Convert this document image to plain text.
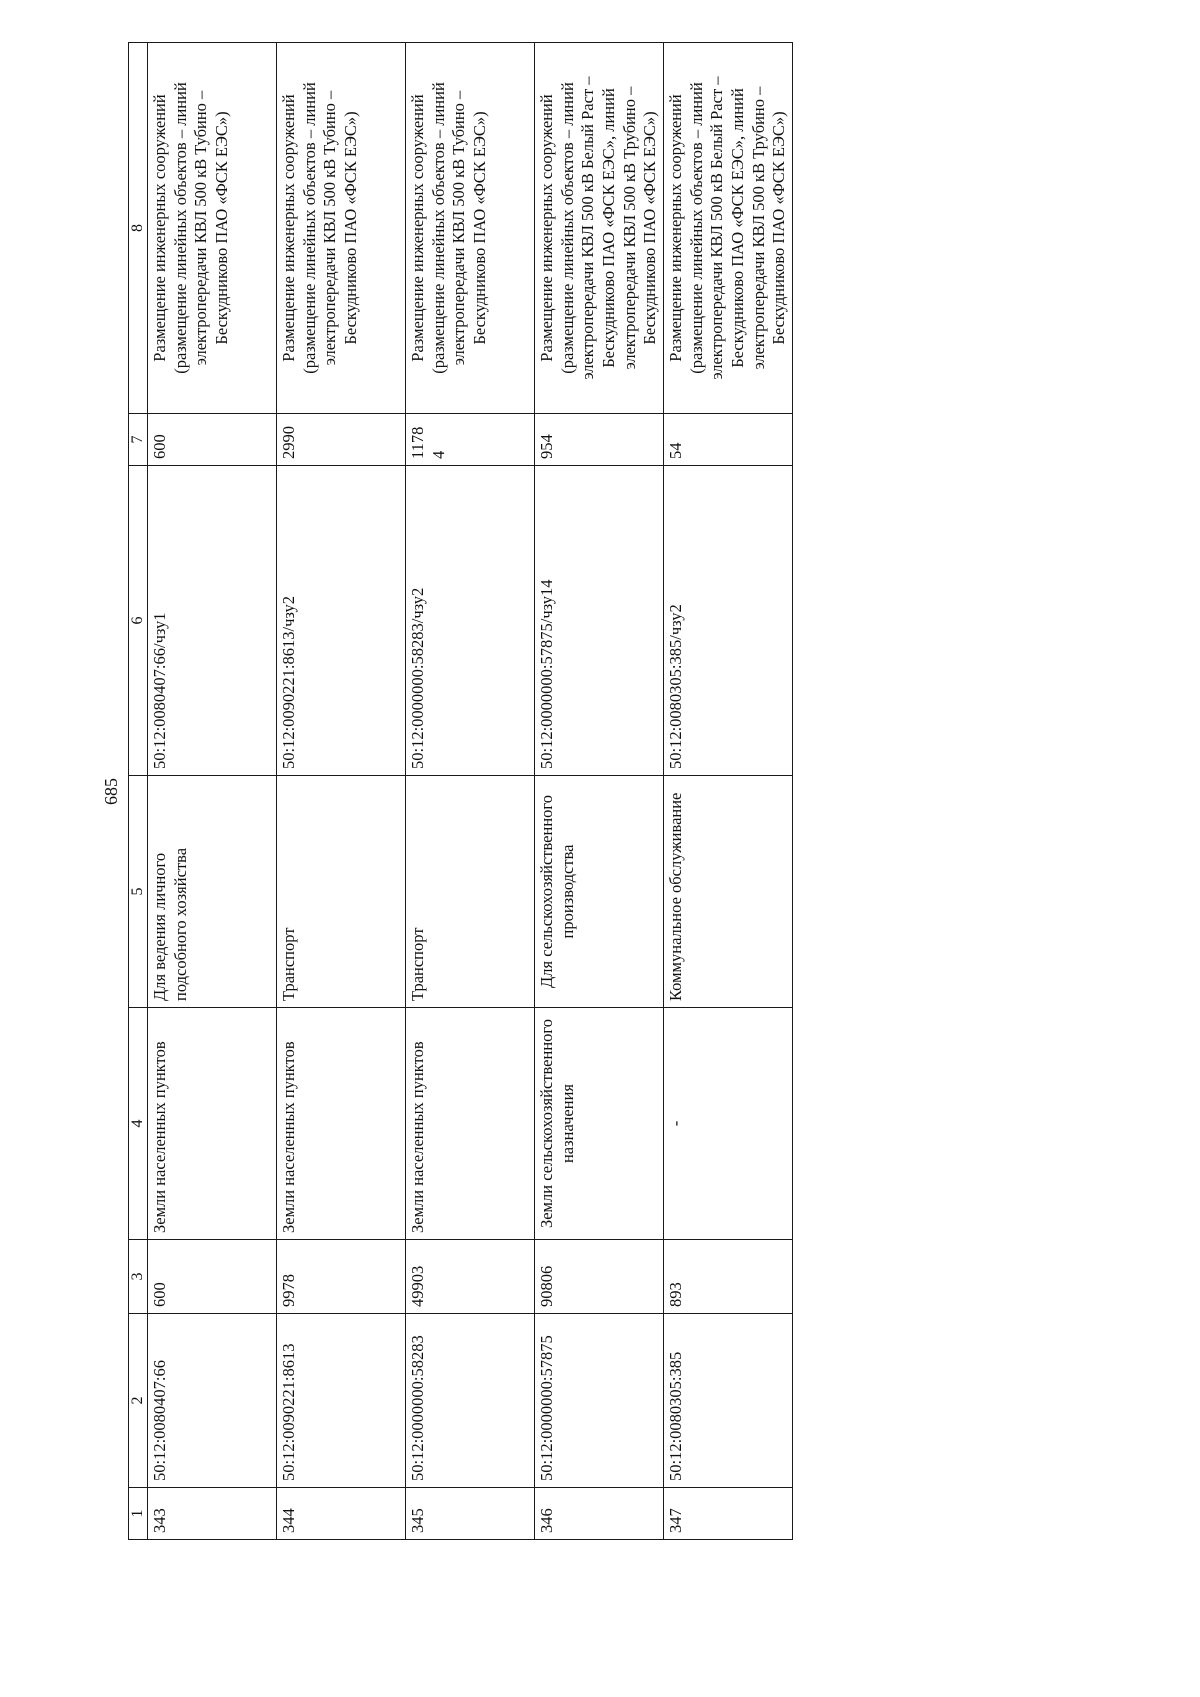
685
1	2	3	4	5	6	7	8
343	50:12:0080407:66	600	Земли населенных пунктов	Для ведения личного подсобного хозяйства	50:12:0080407:66/чзу1	600	Размещение инженерных сооружений (размещение линейных объектов – линий электропередачи КВЛ 500 кВ Тубино – Бескудниково ПАО «ФСК ЕЭС»)
344	50:12:0090221:8613	9978	Земли населенных пунктов	Транспорт	50:12:0090221:8613/чзу2	2990	Размещение инженерных сооружений (размещение линейных объектов – линий электропередачи КВЛ 500 кВ Тубино – Бескудниково ПАО «ФСК ЕЭС»)
345	50:12:0000000:58283	49903	Земли населенных пунктов	Транспорт	50:12:0000000:58283/чзу2	11784	Размещение инженерных сооружений (размещение линейных объектов – линий электропередачи КВЛ 500 кВ Тубино – Бескудниково ПАО «ФСК ЕЭС»)
346	50:12:0000000:57875	90806	Земли сельскохозяйственного назначения	Для сельскохозяйственного производства	50:12:0000000:57875/чзу14	954	Размещение инженерных сооружений (размещение линейных объектов – линий электропередачи КВЛ 500 кВ Белый Раст – Бескудниково ПАО «ФСК ЕЭС», линий электропередачи КВЛ 500 кВ Трубино – Бескудниково ПАО «ФСК ЕЭС»)
347	50:12:0080305:385	893	-	Коммунальное обслуживание	50:12:0080305:385/чзу2	54	Размещение инженерных сооружений (размещение линейных объектов – линий электропередачи КВЛ 500 кВ Белый Раст – Бескудниково ПАО «ФСК ЕЭС», линий электропередачи КВЛ 500 кВ Трубино – Бескудниково ПАО «ФСК ЕЭС»)
